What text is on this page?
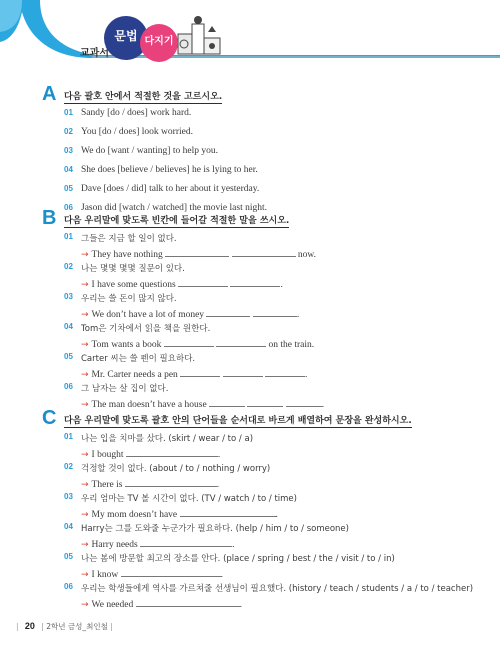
교과서
문법 다지기
A 다음 괄호 안에서 적절한 것을 고르시오.
01 Sandy [do / does] work hard.
02 You [do / does] look worried.
03 We do [want / wanting] to help you.
04 She does [believe / believes] he is lying to her.
05 Dave [does / did] talk to her about it yesterday.
06 Jason did [watch / watched] the movie last night.
B 다음 우리말에 맞도록 빈칸에 들어갈 적절한 말을 쓰시오.
01 그들은 지금 할 일이 없다.
→ They have nothing	now.
02 나는 몇몇 몇몇 질문이 있다.
→ I have some questions	.
03 우리는 쓸 돈이 많지 않다.
→ We don’t have a lot of money	.
04 Tom은 기차에서 읽을 책을 원한다.
→ Tom wants a book	on the train.
05 Carter 씨는 쓸 펜이 필요하다.
→ Mr. Carter needs a pen	.
06 그 남자는 살 집이 없다.
→ The man doesn’t have a house	.
C 다음 우리말에 맞도록 괄호 안의 단어들을 순서대로 바르게 배열하여 문장을 완성하시오.
01 나는 입을 치마를 샀다. (skirt / wear / to / a)
→ I bought	.
02 걱정할 것이 없다. (about / to / nothing / worry)
→ There is	.
03 우리 엄마는 TV 볼 시간이 없다. (TV / watch / to / time)
→ My mom doesn’t have	.
04 Harry는 그를 도와줄 누군가가 필요하다. (help / him / to / someone)
→ Harry needs	.
05 나는 봄에 방문할 최고의 장소를 안다. (place / spring / best / the / visit / to / in)
→ I know	.
06 우리는 학생들에게 역사를 가르쳐줄 선생님이 필요했다. (history / teach / students / a / to / teacher)
→ We needed	.
| 20 | 2학년 금성_최인철 |
